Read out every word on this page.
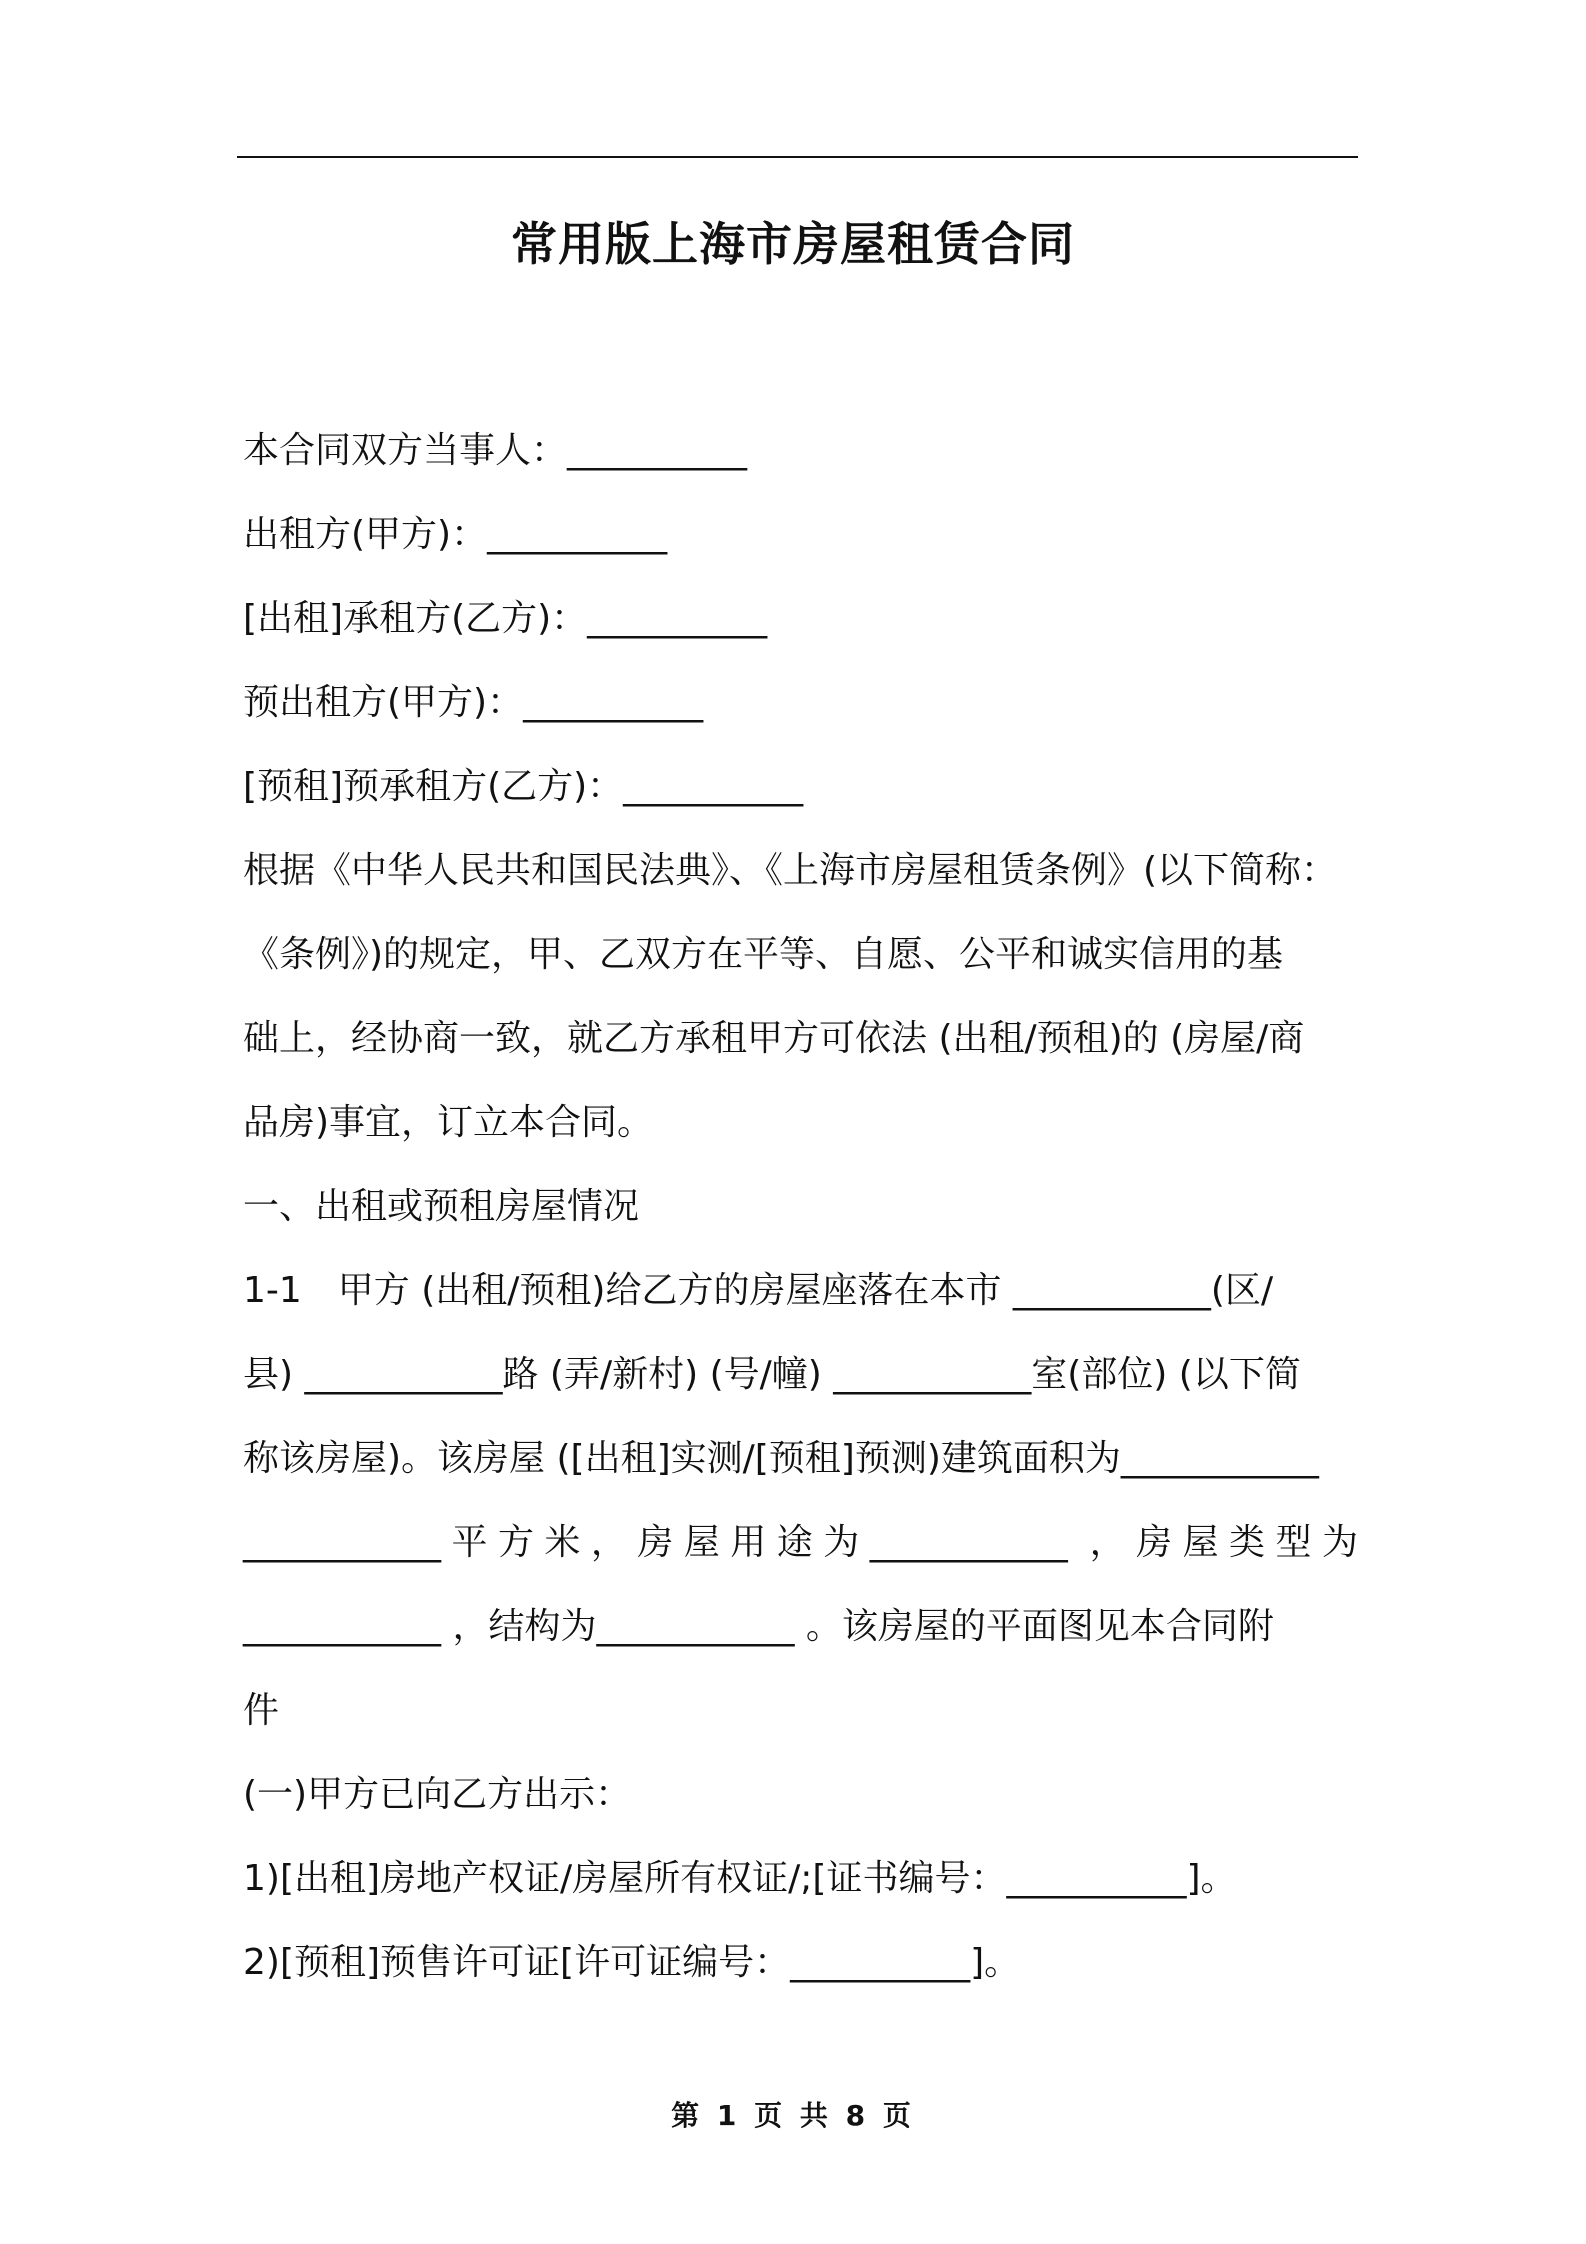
常用版上海市房屋租赁合同
本合同双方当事人：__________
出租方(甲方)：__________
[出租]承租方(乙方)：__________
预出租方(甲方)：__________
[预租]预承租方(乙方)：__________
根据《中华人民共和国民法典》、《上海市房屋租赁条例》(以下简称：
《条例》)的规定，甲、乙双方在平等、自愿、公平和诚实信用的基
础上，经协商一致，就乙方承租甲方可依法 (出租/预租)的 (房屋/商
品房)事宜，订立本合同。
一、出租或预租房屋情况
1-1　甲方 (出租/预租)给乙方的房屋座落在本市 ___________(区/
县) ___________路 (弄/新村) (号/幢) ___________室(部位) (以下简
称该房屋)。该房屋 ([出租]实测/[预租]预测)建筑面积为___________
___________平方米，房屋用途为___________ ，房屋类型为
___________ ，结构为___________ 。该房屋的平面图见本合同附
件
(一)甲方已向乙方出示：
1)[出租]房地产权证/房屋所有权证/;[证书编号：__________]。
2)[预租]预售许可证[许可证编号：__________]。
第 1 页 共 8 页
